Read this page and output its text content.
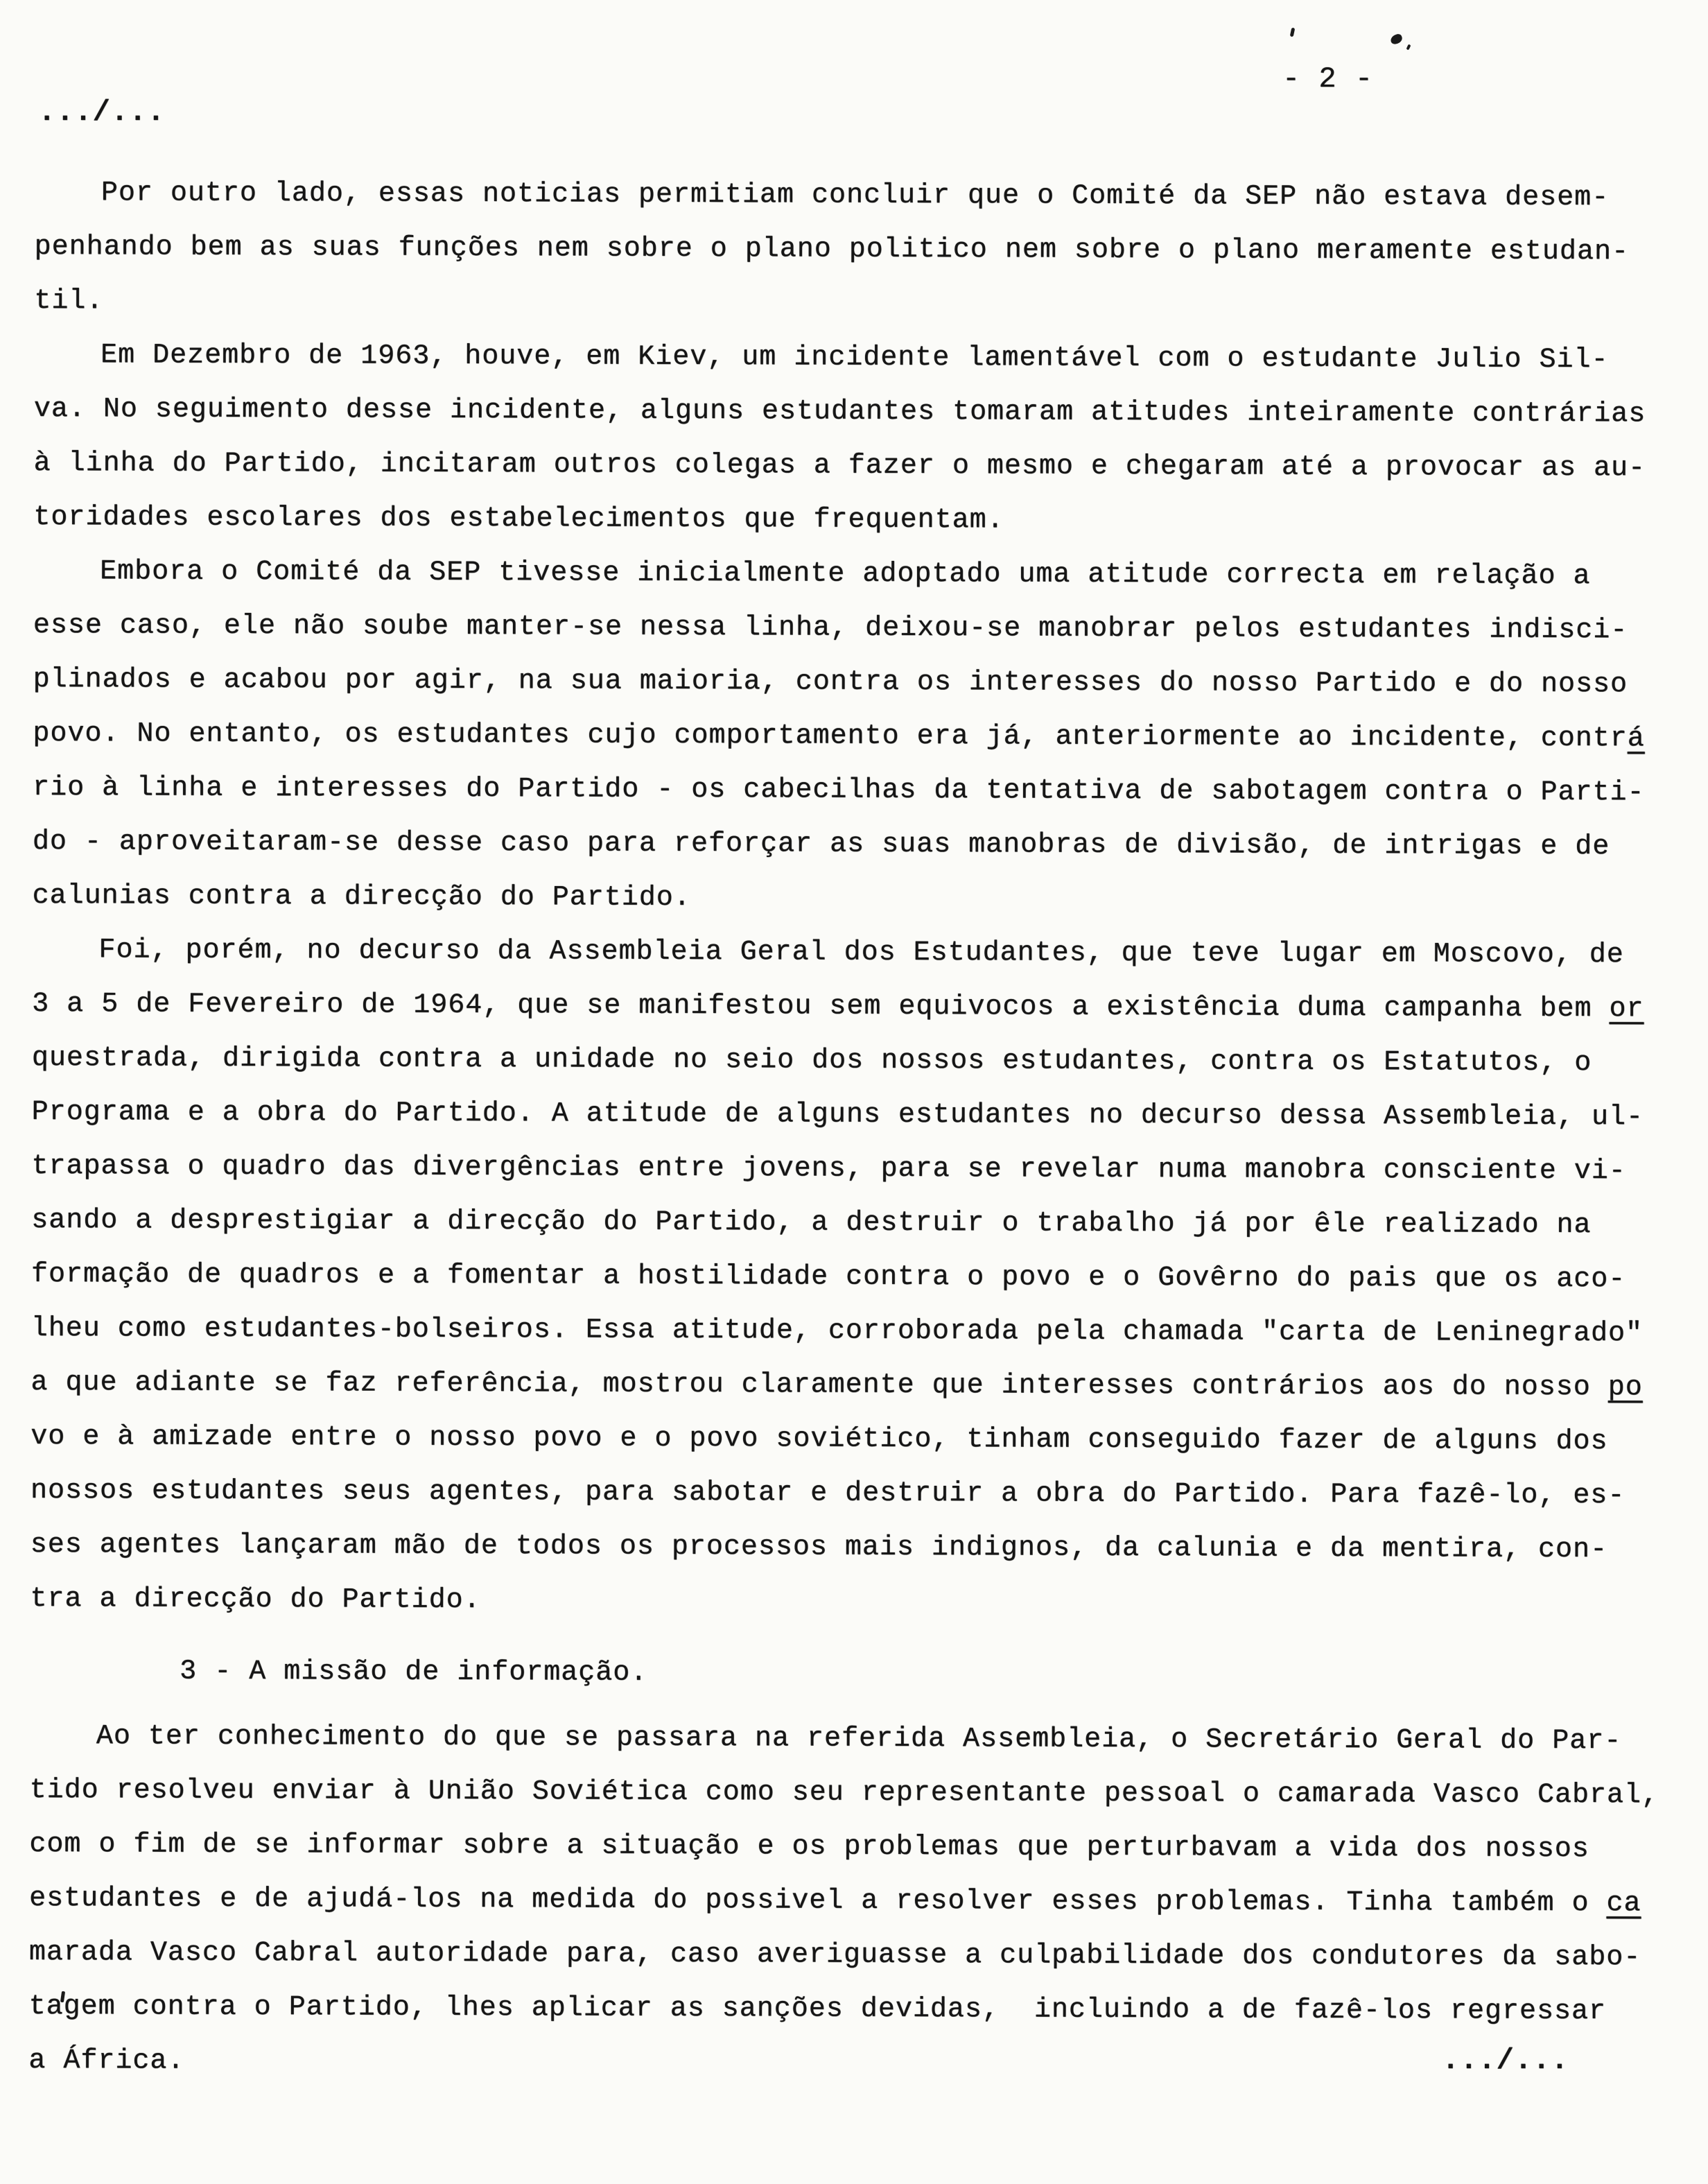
.../...
- 2 -
Por outro lado, essas noticias permitiam concluir que o Comité da SEP não estava desem-
penhando bem as suas funções nem sobre o plano politico nem sobre o plano meramente estudan-
til.
Em Dezembro de 1963, houve, em Kiev, um incidente lamentável com o estudante Julio Sil-
va. No seguimento desse incidente, alguns estudantes tomaram atitudes inteiramente contrárias
à linha do Partido, incitaram outros colegas a fazer o mesmo e chegaram até a provocar as au-
toridades escolares dos estabelecimentos que frequentam.
Embora o Comité da SEP tivesse inicialmente adoptado uma atitude correcta em relação a
esse caso, ele não soube manter-se nessa linha, deixou-se manobrar pelos estudantes indisci-
plinados e acabou por agir, na sua maioria, contra os interesses do nosso Partido e do nosso
povo. No entanto, os estudantes cujo comportamento era já, anteriormente ao incidente, contrá
rio à linha e interesses do Partido - os cabecilhas da tentativa de sabotagem contra o Parti-
do - aproveitaram-se desse caso para reforçar as suas manobras de divisão, de intrigas e de
calunias contra a direcção do Partido.
Foi, porém, no decurso da Assembleia Geral dos Estudantes, que teve lugar em Moscovo, de
3 a 5 de Fevereiro de 1964, que se manifestou sem equivocos a existência duma campanha bem or
questrada, dirigida contra a unidade no seio dos nossos estudantes, contra os Estatutos, o
Programa e a obra do Partido. A atitude de alguns estudantes no decurso dessa Assembleia, ul-
trapassa o quadro das divergências entre jovens, para se revelar numa manobra consciente vi-
sando a desprestigiar a direcção do Partido, a destruir o trabalho já por êle realizado na
formação de quadros e a fomentar a hostilidade contra o povo e o Govêrno do pais que os aco-
lheu como estudantes-bolseiros. Essa atitude, corroborada pela chamada "carta de Leninegrado"
a que adiante se faz referência, mostrou claramente que interesses contrários aos do nosso po
vo e à amizade entre o nosso povo e o povo soviético, tinham conseguido fazer de alguns dos
nossos estudantes seus agentes, para sabotar e destruir a obra do Partido. Para fazê-lo, es-
ses agentes lançaram mão de todos os processos mais indignos, da calunia e da mentira, con-
tra a direcção do Partido.
3 - A missão de informação.
Ao ter conhecimento do que se passara na referida Assembleia, o Secretário Geral do Par-
tido resolveu enviar à União Soviética como seu representante pessoal o camarada Vasco Cabral,
com o fim de se informar sobre a situação e os problemas que perturbavam a vida dos nossos
estudantes e de ajudá-los na medida do possivel a resolver esses problemas. Tinha também o ca
marada Vasco Cabral autoridade para, caso averiguasse a culpabilidade dos condutores da sabo-
tagem contra o Partido, lhes aplicar as sanções devidas,  incluindo a de fazê-los regressar
a África.	.../...
